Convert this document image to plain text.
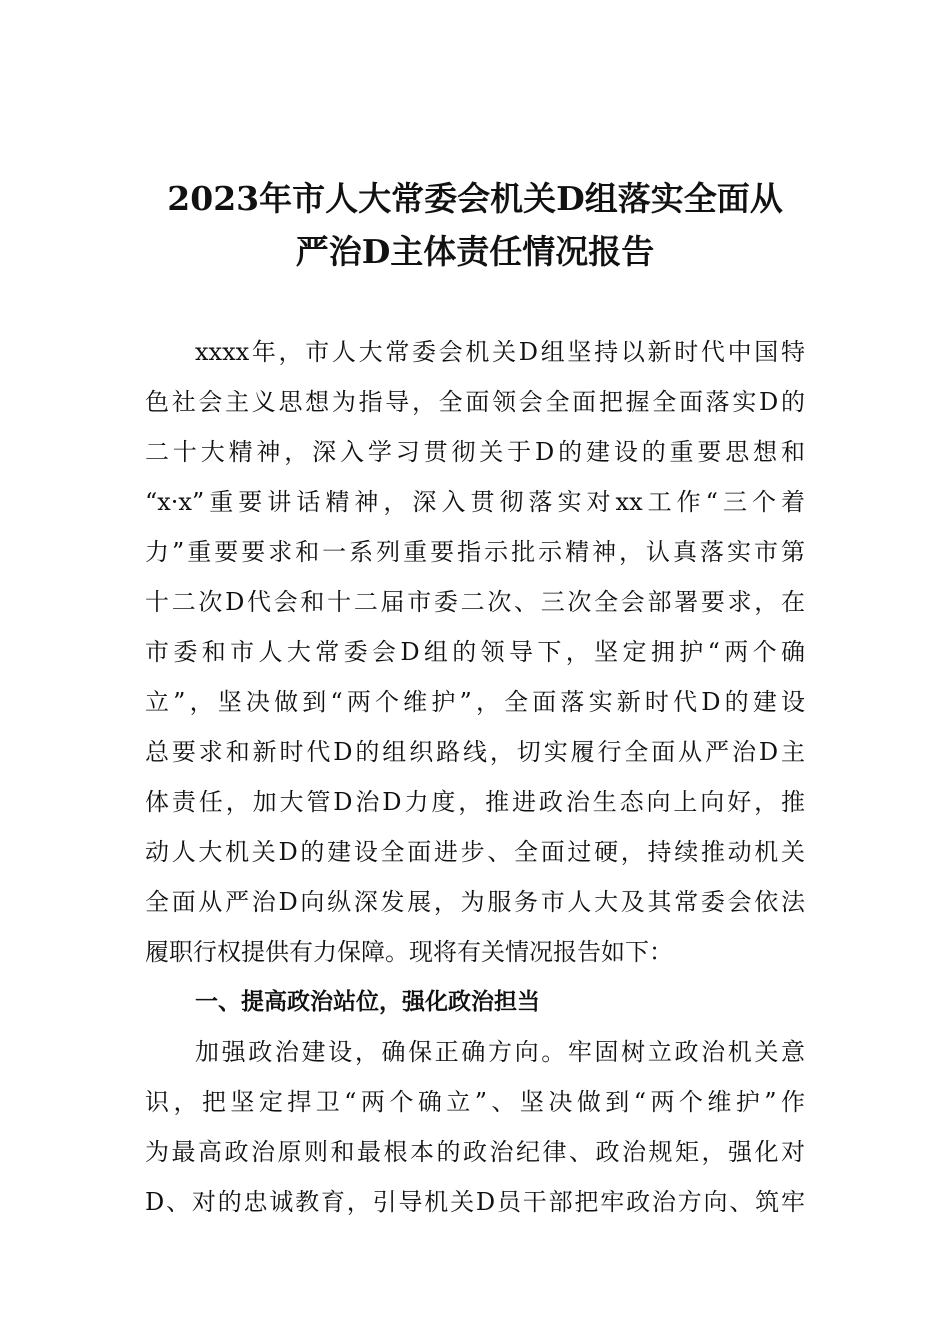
2023年市人大常委会机关D组落实全面从
严治D主体责任情况报告
xxxx年，市人大常委会机关D组坚持以新时代中国特
色社会主义思想为指导，全面领会全面把握全面落实D的
二十大精神，深入学习贯彻关于D的建设的重要思想和
“x·x”重要讲话精神，深入贯彻落实对xx工作“三个着
力”重要要求和一系列重要指示批示精神，认真落实市第
十二次D代会和十二届市委二次、三次全会部署要求，在
市委和市人大常委会D组的领导下，坚定拥护“两个确
立”，坚决做到“两个维护”，全面落实新时代D的建设
总要求和新时代D的组织路线，切实履行全面从严治D主
体责任，加大管D治D力度，推进政治生态向上向好，推
动人大机关D的建设全面进步、全面过硬，持续推动机关
全面从严治D向纵深发展，为服务市人大及其常委会依法
履职行权提供有力保障。现将有关情况报告如下：
一、提高政治站位，强化政治担当
加强政治建设，确保正确方向。牢固树立政治机关意
识，把坚定捍卫“两个确立”、坚决做到“两个维护”作
为最高政治原则和最根本的政治纪律、政治规矩，强化对
D、对的忠诚教育，引导机关D员干部把牢政治方向、筑牢
